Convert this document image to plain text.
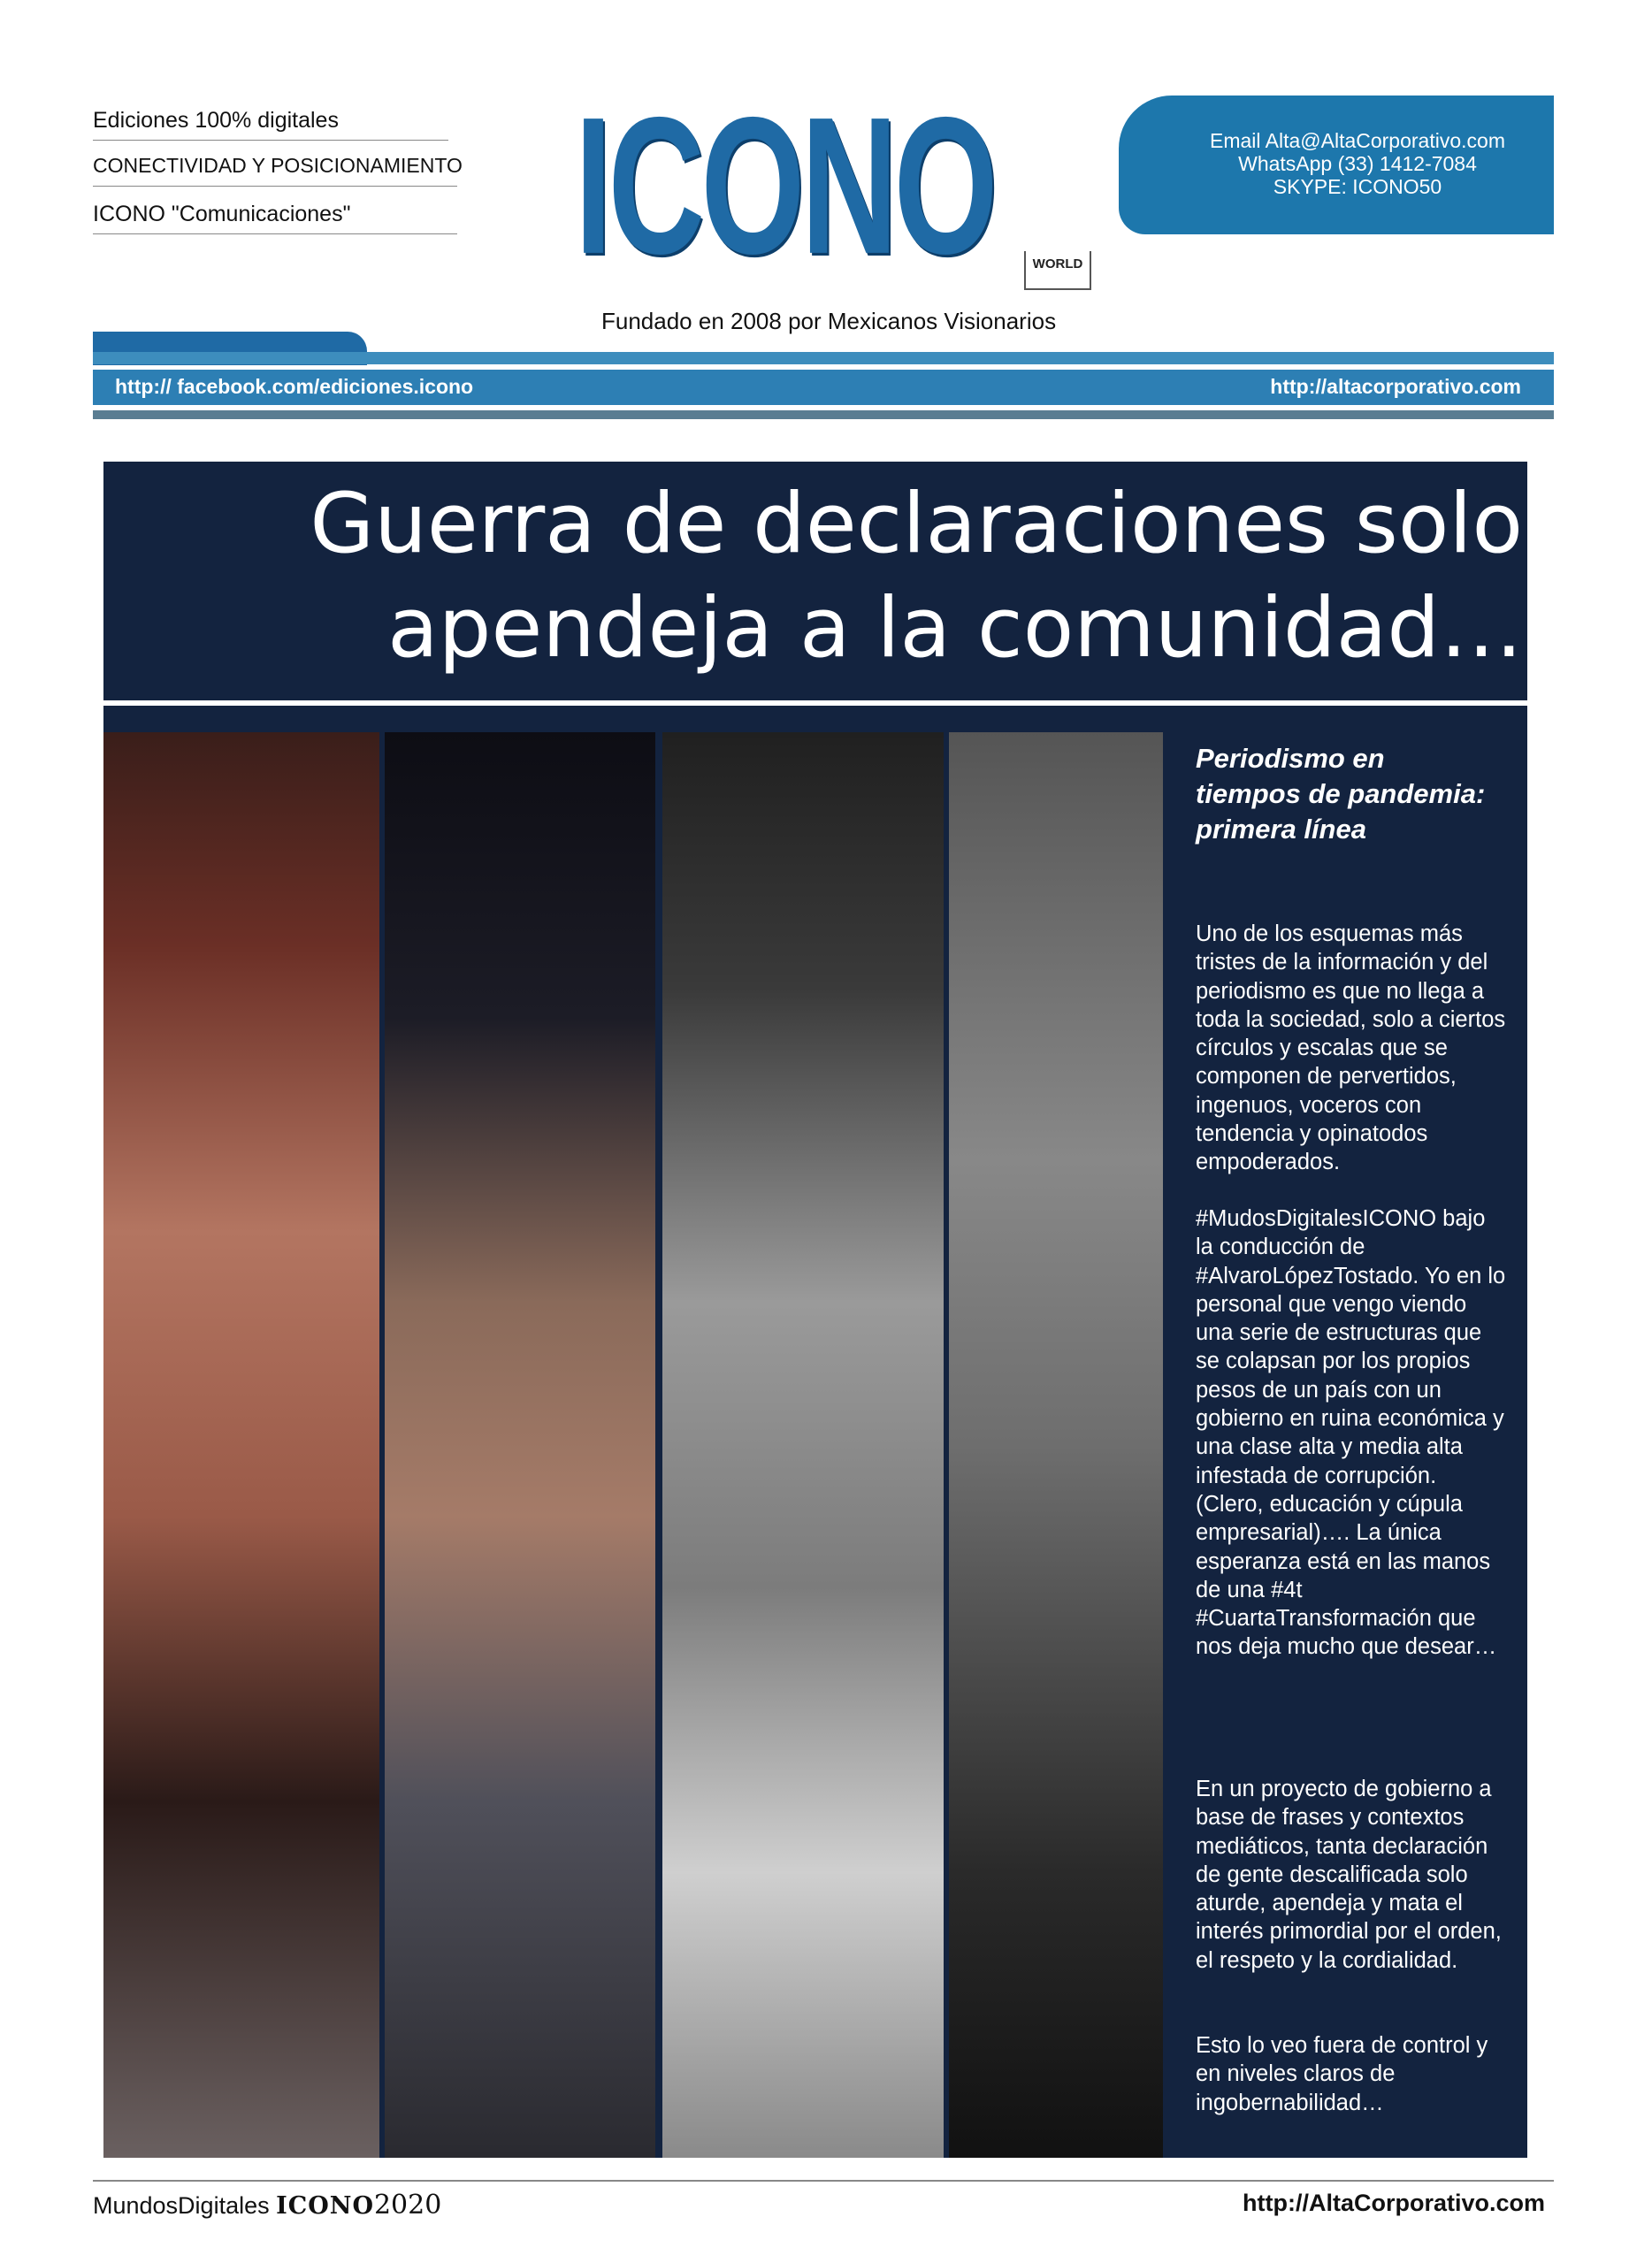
Ediciones 100% digitales
CONECTIVIDAD Y POSICIONAMIENTO
ICONO "Comunicaciones" ICONO	WORLD
Fundado en 2008 por Mexicanos Visionarios
Email Alta@AltaCorporativo.com
WhatsApp (33) 1412-7084
SKYPE: ICONO50
http:// facebook.com/ediciones.icono	http://altacorporativo.com
Guerra de declaraciones solo
apendeja a la comunidad…
Periodismo en tiempos de pandemia: primera línea
Uno de los esquemas más tristes de la información y del periodismo es que no llega a toda la sociedad, solo a ciertos círculos y escalas que se componen de pervertidos, ingenuos, voceros con tendencia y opinatodos empoderados.
#MudosDigitalesICONO bajo la conducción de #AlvaroLópezTostado. Yo en lo personal que vengo viendo una serie de estructuras que se colapsan por los propios pesos de un país con un gobierno en ruina económica y una clase alta y media alta infestada de corrupción. (Clero, educación y cúpula empresarial)…. La única esperanza está en las manos de una #4t #CuartaTransformación que nos deja mucho que desear…
En un proyecto de gobierno a base de frases y contextos mediáticos, tanta declaración de gente descalificada solo aturde, apendeja y mata el interés primordial por el orden, el respeto y la cordialidad.
Esto lo veo fuera de control y en niveles claros de ingobernabilidad…
MundosDigitales ICONO2020	http://AltaCorporativo.com
